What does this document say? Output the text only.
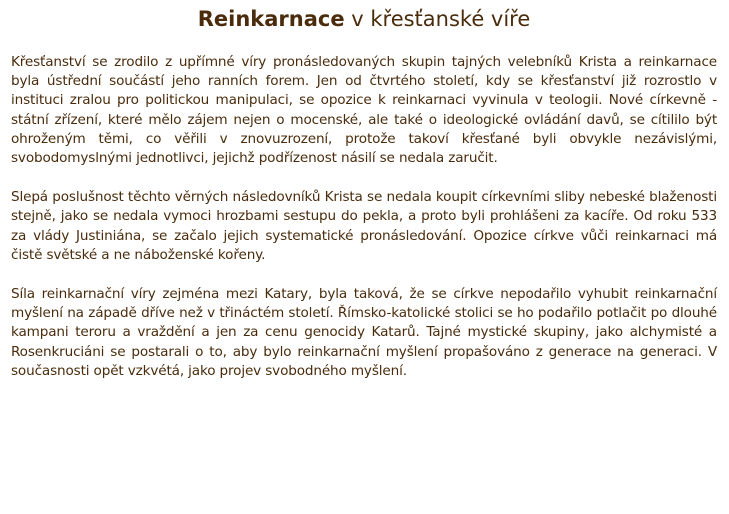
Reinkarnace v křesťanské víře

Křesťanství se zrodilo z upřímné víry pronásledovaných skupin tajných velebníků Krista a reinkarnace byla ústřední součástí jeho ranních forem. Jen od čtvrtého století, kdy se křesťanství již rozrostlo v instituci zralou pro politickou manipulaci, se opozice k reinkarnaci vyvinula v teologii. Nové církevně - státní zřízení, které mělo zájem nejen o mocenské, ale také o ideologické ovládání davů, se cítililo být ohroženým těmi, co věřili v znovuzrození, protože takoví křesťané byli obvykle nezávislými, svobodomyslnými jednotlivci, jejichž podřízenost násilí se nedala zaručit.

Slepá poslušnost těchto věrných následovníků Krista se nedala koupit církevními sliby nebeské blaženosti stejně, jako se nedala vymoci hrozbami sestupu do pekla, a proto byli prohlášeni za kacíře. Od roku 533 za vlády Justiniána, se začalo jejich systematické pronásledování. Opozice církve vůči reinkarnaci má čistě světské a ne náboženské kořeny.

Síla reinkarnační víry zejména mezi Katary, byla taková, že se církve nepodařilo vyhubit reinkarnační myšlení na západě dříve než v třináctém století. Římsko-katolické stolici se ho podařilo potlačit po dlouhé kampani teroru a vraždění a jen za cenu genocidy Katarů. Tajné mystické skupiny, jako alchymisté a Rosenkruciáni se postarali o to, aby bylo reinkarnační myšlení propašováno z generace na generaci. V současnosti opět vzkvétá, jako projev svobodného myšlení.
